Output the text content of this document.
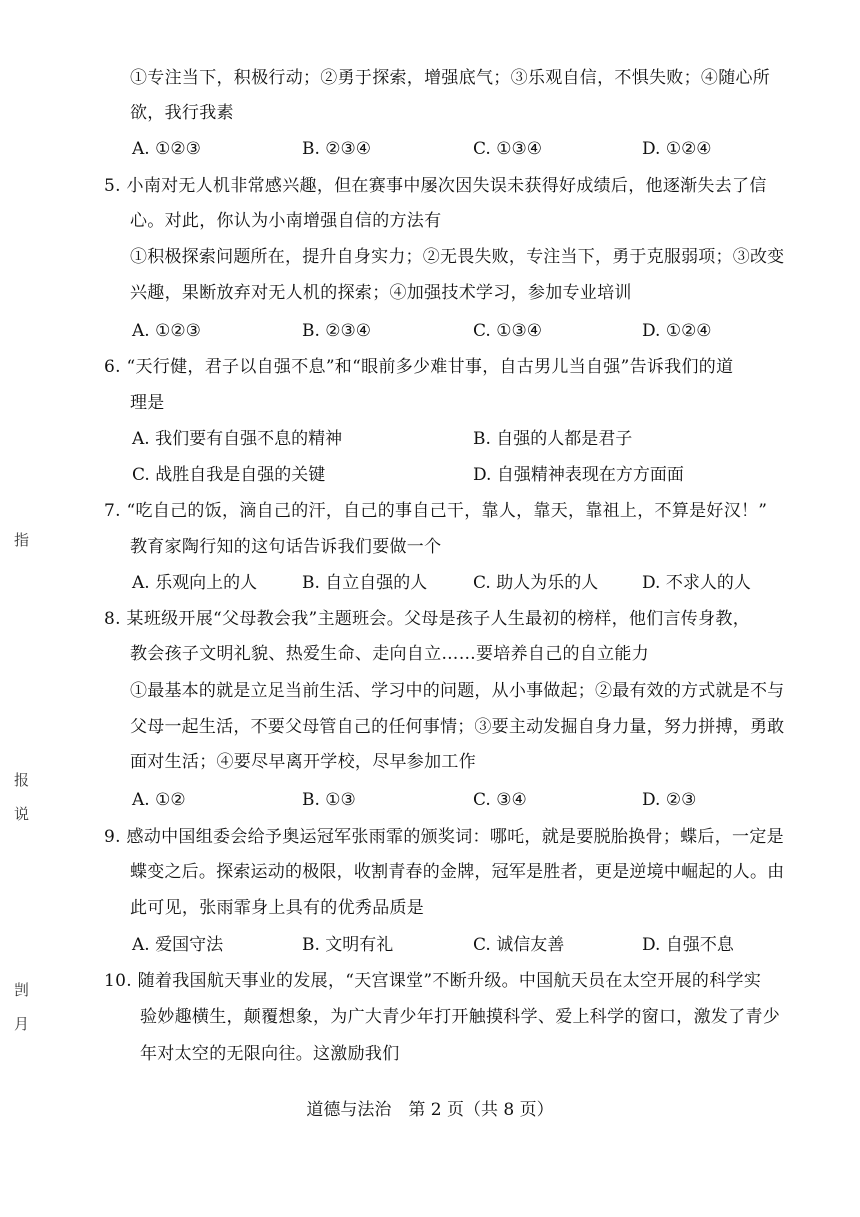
指
报
说
剀
月
①专注当下，积极行动；②勇于探索，增强底气；③乐观自信，不惧失败；④随心所
欲，我行我素
A. ①②③	B. ②③④	C. ①③④	D. ①②④
5. 小南对无人机非常感兴趣，但在赛事中屡次因失误未获得好成绩后，他逐渐失去了信
心。对此，你认为小南增强自信的方法有
①积极探索问题所在，提升自身实力；②无畏失败，专注当下，勇于克服弱项；③改变
兴趣，果断放弃对无人机的探索；④加强技术学习，参加专业培训
A. ①②③	B. ②③④	C. ①③④	D. ①②④
6. “天行健，君子以自强不息”和“眼前多少难甘事，自古男儿当自强”告诉我们的道
理是
A. 我们要有自强不息的精神	B. 自强的人都是君子
C. 战胜自我是自强的关键	D. 自强精神表现在方方面面
7. “吃自己的饭，滴自己的汗，自己的事自己干，靠人，靠天，靠祖上，不算是好汉！”
教育家陶行知的这句话告诉我们要做一个
A. 乐观向上的人	B. 自立自强的人	C. 助人为乐的人	D. 不求人的人
8. 某班级开展“父母教会我”主题班会。父母是孩子人生最初的榜样，他们言传身教，
教会孩子文明礼貌、热爱生命、走向自立……要培养自己的自立能力
①最基本的就是立足当前生活、学习中的问题，从小事做起；②最有效的方式就是不与
父母一起生活，不要父母管自己的任何事情；③要主动发掘自身力量，努力拼搏，勇敢
面对生活；④要尽早离开学校，尽早参加工作
A. ①②	B. ①③	C. ③④	D. ②③
9. 感动中国组委会给予奥运冠军张雨霏的颁奖词：哪吒，就是要脱胎换骨；蝶后，一定是
蝶变之后。探索运动的极限，收割青春的金牌，冠军是胜者，更是逆境中崛起的人。由
此可见，张雨霏身上具有的优秀品质是
A. 爱国守法	B. 文明有礼	C. 诚信友善	D. 自强不息
10. 随着我国航天事业的发展，“天宫课堂”不断升级。中国航天员在太空开展的科学实
验妙趣横生，颠覆想象，为广大青少年打开触摸科学、爱上科学的窗口，激发了青少
年对太空的无限向往。这激励我们
道德与法治　第 2 页（共 8 页）
